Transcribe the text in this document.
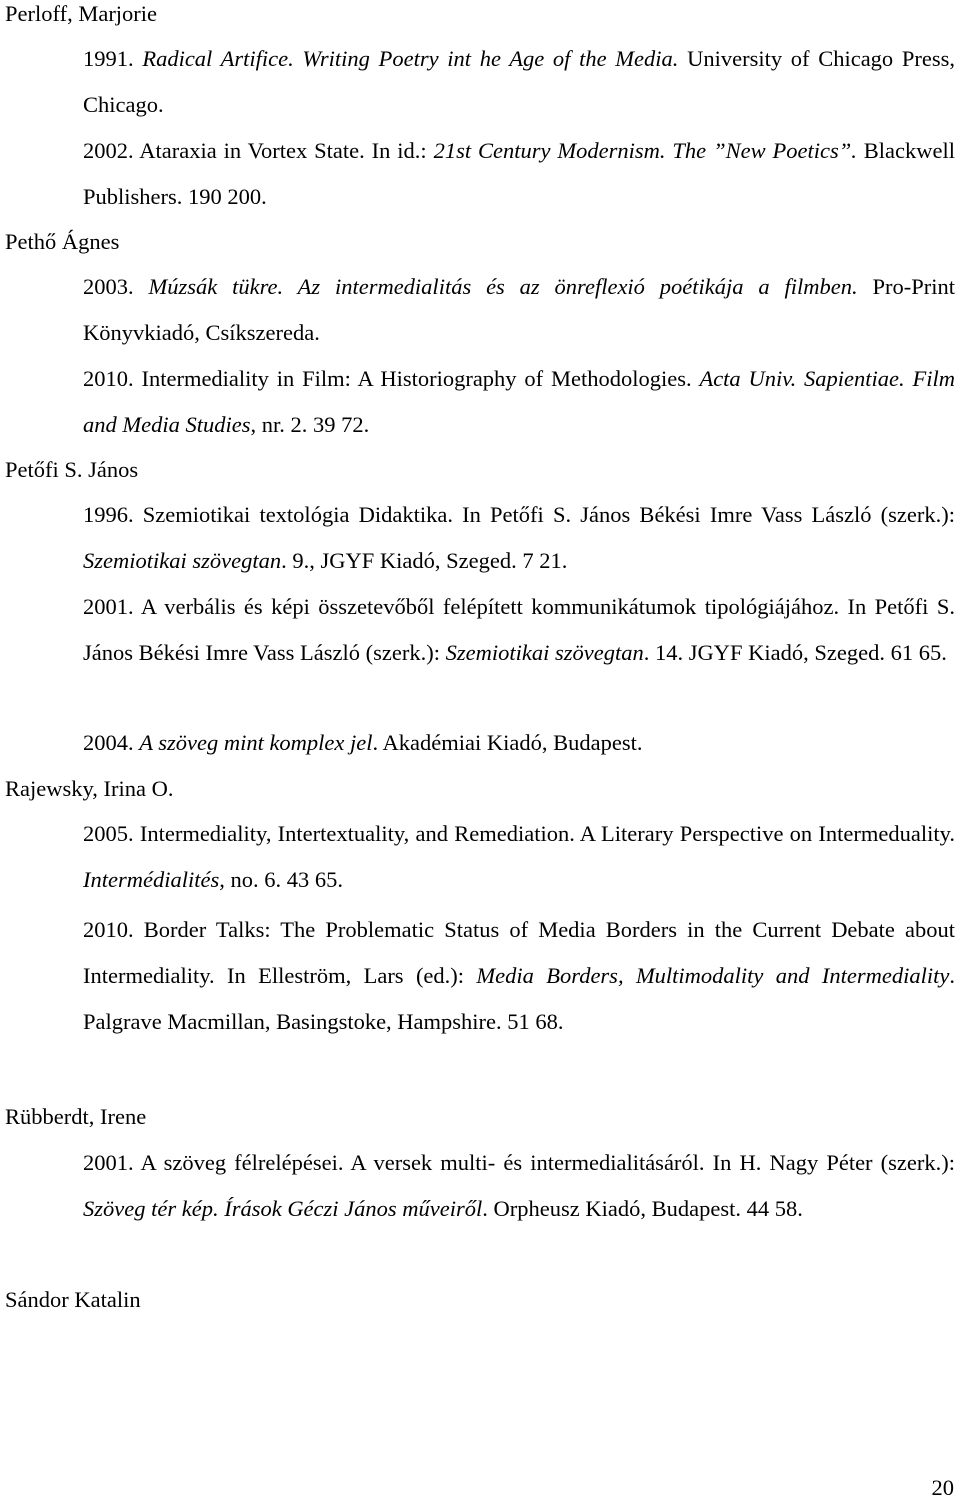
Perloff, Marjorie
1991. Radical Artifice. Writing Poetry int he Age of the Media. University of Chicago Press, Chicago.
2002. Ataraxia in Vortex State. In id.: 21st Century Modernism. The ”New Poetics”. Blackwell Publishers. 190 200.
Pethő Ágnes
2003. Múzsák tükre. Az intermedialitás és az önreflexió poétikája a filmben. Pro-Print Könyvkiadó, Csíkszereda.
2010. Intermediality in Film: A Historiography of Methodologies. Acta Univ. Sapientiae. Film and Media Studies, nr. 2. 39 72.
Petőfi S. János
1996. Szemiotikai textológia Didaktika. In Petőfi S. János Békési Imre Vass László (szerk.): Szemiotikai szövegtan. 9., JGYF Kiadó, Szeged. 7 21.
2001. A verbális és képi összetevőből felépített kommunikátumok tipológiájához. In Petőfi S. János Békési Imre Vass László (szerk.): Szemiotikai szövegtan. 14. JGYF Kiadó, Szeged. 61 65.
2004. A szöveg mint komplex jel. Akadémiai Kiadó, Budapest.
Rajewsky, Irina O.
2005. Intermediality, Intertextuality, and Remediation. A Literary Perspective on Intermeduality. Intermédialités, no. 6. 43 65.
2010. Border Talks: The Problematic Status of Media Borders in the Current Debate about Intermediality. In Elleström, Lars (ed.): Media Borders, Multimodality and Intermediality. Palgrave Macmillan, Basingstoke, Hampshire. 51 68.
Rübberdt, Irene
2001. A szöveg félrelépései. A versek multi- és intermedialitásáról. In H. Nagy Péter (szerk.): Szöveg tér kép. Írások Géczi János műveiről. Orpheusz Kiadó, Budapest. 44 58.
Sándor Katalin
20
